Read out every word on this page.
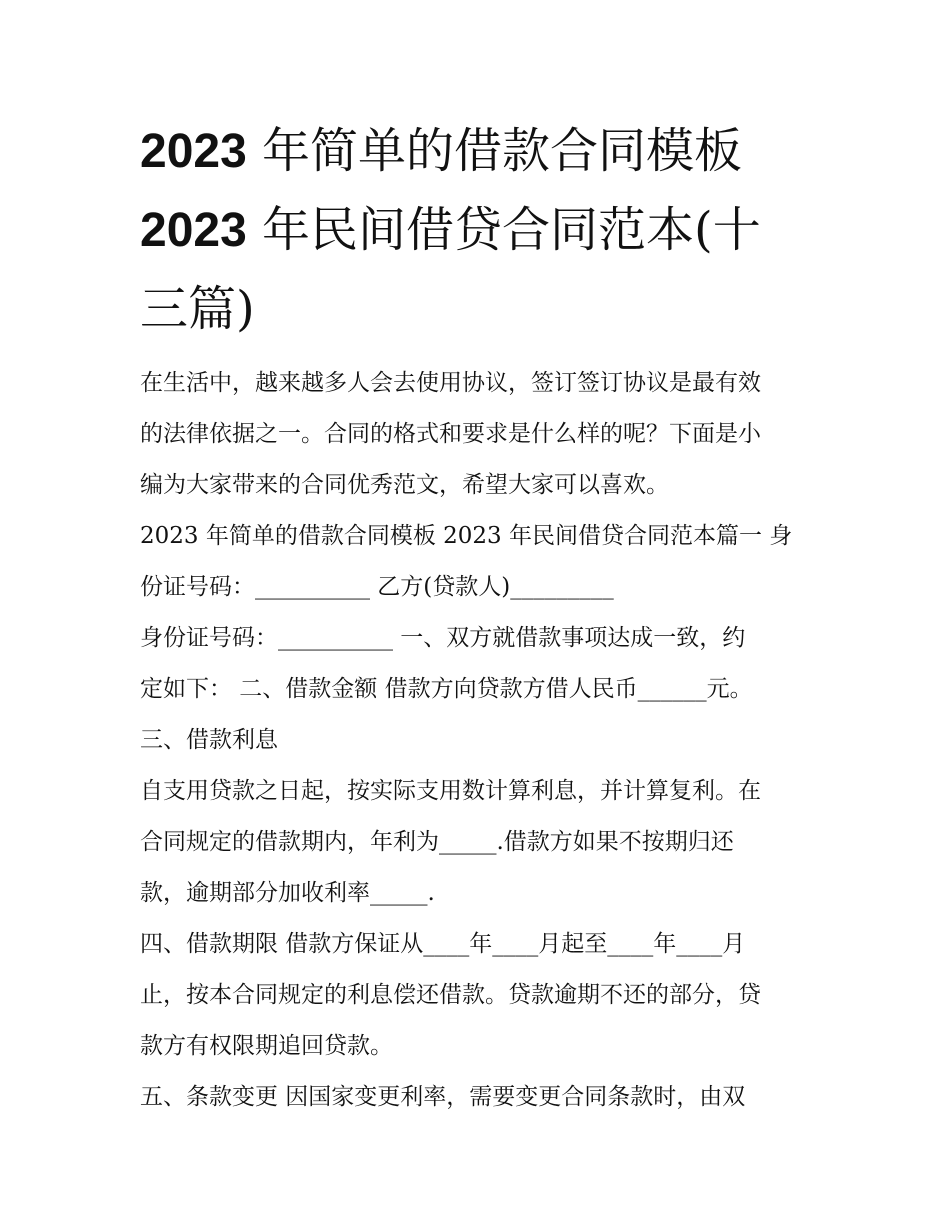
2023 年简单的借款合同模板
2023 年民间借贷合同范本(十
三篇)
在生活中，越来越多人会去使用协议，签订签订协议是最有效
的法律依据之一。合同的格式和要求是什么样的呢？下面是小
编为大家带来的合同优秀范文，希望大家可以喜欢。
2023 年简单的借款合同模板 2023 年民间借贷合同范本篇一 身
份证号码：__________ 乙方(贷款人)_________
身份证号码：__________ 一、双方就借款事项达成一致，约
定如下： 二、借款金额 借款方向贷款方借人民币______元。
三、借款利息
自支用贷款之日起，按实际支用数计算利息，并计算复利。在
合同规定的借款期内，年利为_____.借款方如果不按期归还
款，逾期部分加收利率_____.
四、借款期限 借款方保证从____年____月起至____年____月
止，按本合同规定的利息偿还借款。贷款逾期不还的部分，贷
款方有权限期追回贷款。
五、条款变更 因国家变更利率，需要变更合同条款时，由双
